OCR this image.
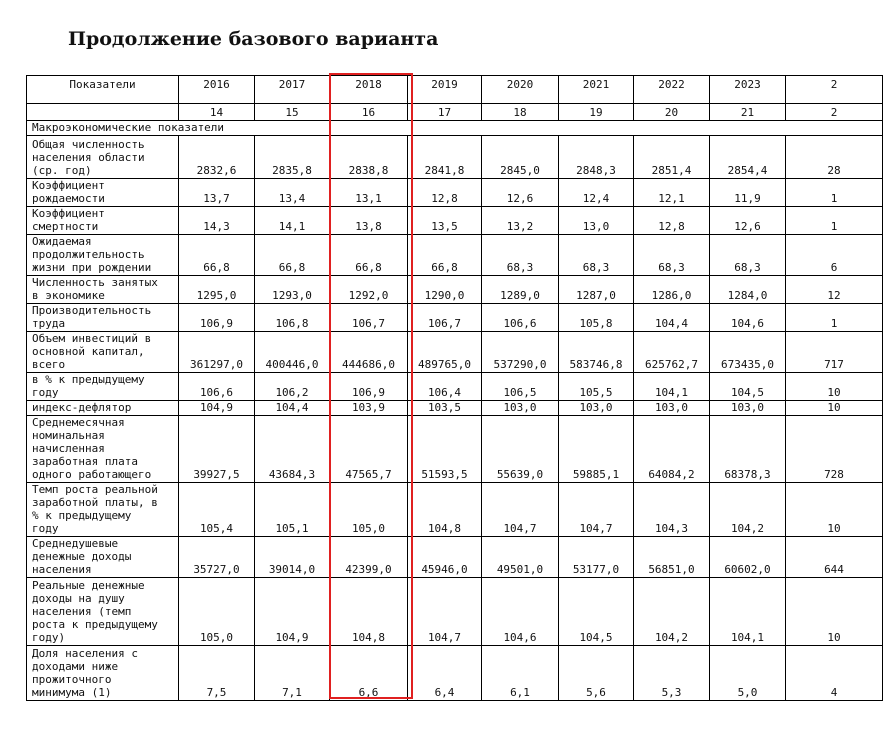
Продолжение базового варианта
Показатели	2016	2017	2018	2019	2020	2021	2022	2023	2
	14	15	16	17	18	19	20	21	2
Макроэкономические показатели									
Общая численность
населения области
(ср. год)	2832,6	2835,8	2838,8	2841,8	2845,0	2848,3	2851,4	2854,4	28
Коэффициент
рождаемости	13,7	13,4	13,1	12,8	12,6	12,4	12,1	11,9	1
Коэффициент
смертности	14,3	14,1	13,8	13,5	13,2	13,0	12,8	12,6	1
Ожидаемая
продолжительность
жизни при рождении	66,8	66,8	66,8	66,8	68,3	68,3	68,3	68,3	6
Численность занятых
в экономике	1295,0	1293,0	1292,0	1290,0	1289,0	1287,0	1286,0	1284,0	12
Производительность
труда	106,9	106,8	106,7	106,7	106,6	105,8	104,4	104,6	1
Объем инвестиций в
основной капитал,
всего	361297,0	400446,0	444686,0	489765,0	537290,0	583746,8	625762,7	673435,0	717
в % к предыдущему
году	106,6	106,2	106,9	106,4	106,5	105,5	104,1	104,5	10
индекс-дефлятор	104,9	104,4	103,9	103,5	103,0	103,0	103,0	103,0	10
Среднемесячная
номинальная
начисленная
заработная плата
одного работающего	39927,5	43684,3	47565,7	51593,5	55639,0	59885,1	64084,2	68378,3	728
Темп роста реальной
заработной платы, в
% к предыдущему
году	105,4	105,1	105,0	104,8	104,7	104,7	104,3	104,2	10
Среднедушевые
денежные доходы
населения	35727,0	39014,0	42399,0	45946,0	49501,0	53177,0	56851,0	60602,0	644
Реальные денежные
доходы на душу
населения (темп
роста к предыдущему
году)	105,0	104,9	104,8	104,7	104,6	104,5	104,2	104,1	10
Доля населения с
доходами ниже
прожиточного
минимума (1)	7,5	7,1	6,6	6,4	6,1	5,6	5,3	5,0	4
